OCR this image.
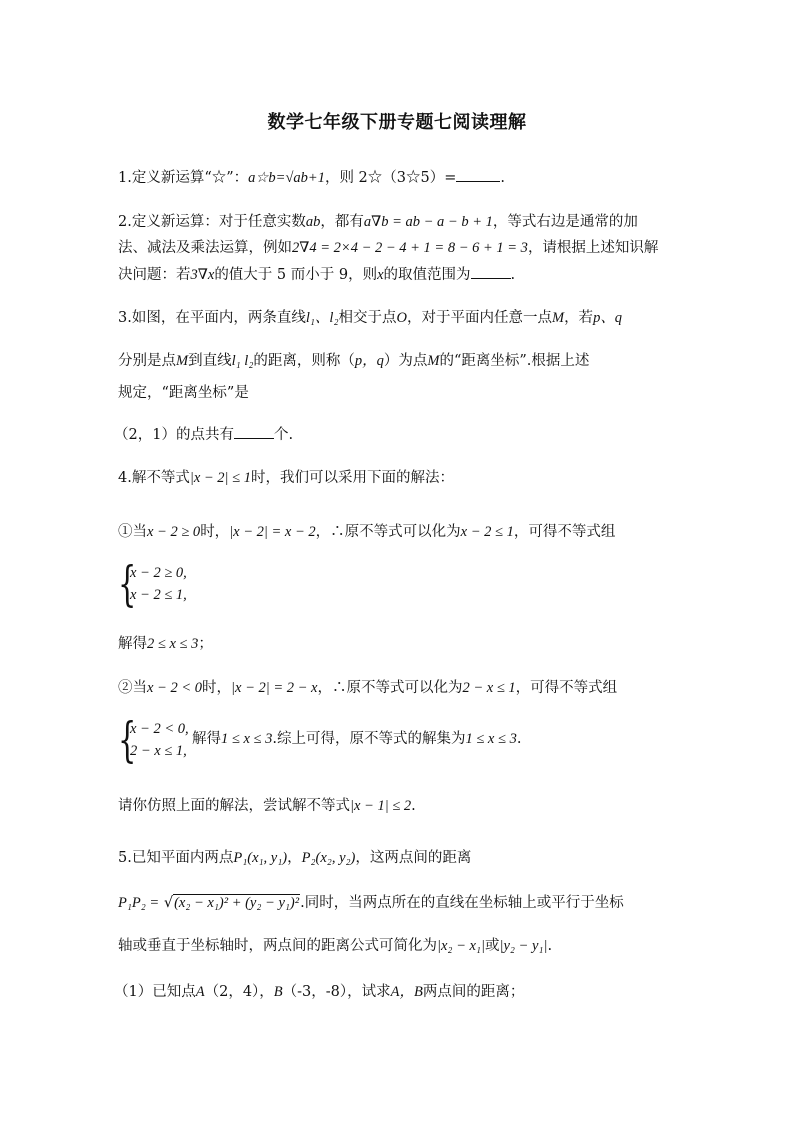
数学七年级下册专题七阅读理解
1.定义新运算“☆”：a☆b=√ab+1，则 2☆（3☆5）=	.
2.定义新运算：对于任意实数ab，都有a∇b = ab − a − b + 1，等式右边是通常的加
法、减法及乘法运算，例如2∇4 = 2×4 − 2 − 4 + 1 = 8 − 6 + 1 = 3，请根据上述知识解
决问题：若3∇x的值大于 5 而小于 9，则x的取值范围为	.
3.如图，在平面内，两条直线l₁、l₂相交于点O，对于平面内任意一点M，若p、q
分别是点M到直线l₁ l₂的距离，则称（p，q）为点M的“距离坐标”.根据上述
规定，“距离坐标”是
（2，1）的点共有	个.
4.解不等式|x − 2| ≤ 1时，我们可以采用下面的解法：
①当x − 2 ≥ 0时，|x − 2| = x − 2，∴原不等式可以化为x − 2 ≤ 1，可得不等式组
{
x − 2 ≥ 0,
x − 2 ≤ 1,
解得2 ≤ x ≤ 3；
②当x − 2 < 0时，|x − 2| = 2 − x，∴原不等式可以化为2 − x ≤ 1，可得不等式组
{
x − 2 < 0,
2 − x ≤ 1,
解得1 ≤ x ≤ 3.综上可得，原不等式的解集为1 ≤ x ≤ 3.
请你仿照上面的解法，尝试解不等式|x − 1| ≤ 2.
5.已知平面内两点P₁(x₁, y₁)，P₂(x₂, y₂)，这两点间的距离
P₁P₂ = √(x₂ − x₁)² + (y₂ − y₁)².同时，当两点所在的直线在坐标轴上或平行于坐标
轴或垂直于坐标轴时，两点间的距离公式可简化为|x₂ − x₁|或|y₂ − y₁|.
（1）已知点A（2，4），B（-3，-8），试求A，B两点间的距离；
